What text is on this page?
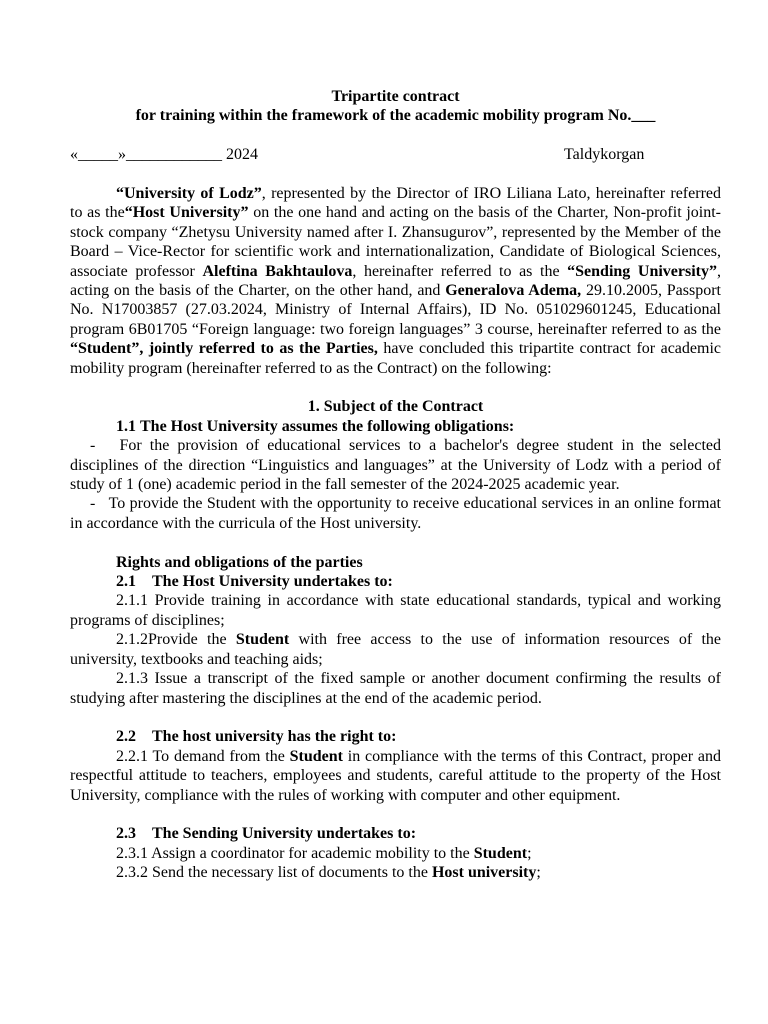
Tripartite contract
for training within the framework of the academic mobility program No.___
«_____»____________ 2024	Taldykorgan

“University of Lodz”, represented by the Director of IRO Liliana Lato, hereinafter referred to as the“Host University” on the one hand and acting on the basis of the Charter, Non-profit joint-stock company “Zhetysu University named after I. Zhansugurov”, represented by the Member of the Board – Vice-Rector for scientific work and internationalization, Candidate of Biological Sciences, associate professor Aleftina Bakhtaulova, hereinafter referred to as the “Sending University”, acting on the basis of the Charter, on the other hand, and Generalova Adema, 29.10.2005, Passport No. N17003857 (27.03.2024, Ministry of Internal Affairs), ID No. 051029601245, Educational program 6B01705 “Foreign language: two foreign languages” 3 course, hereinafter referred to as the “Student”, jointly referred to as the Parties, have concluded this tripartite contract for academic mobility program (hereinafter referred to as the Contract) on the following:

1. Subject of the Contract
1.1 The Host University assumes the following obligations:

- For the provision of educational services to a bachelor's degree student in the selected disciplines of the direction “Linguistics and languages” at the University of Lodz with a period of study of 1 (one) academic period in the fall semester of the 2024-2025 academic year.

- To provide the Student with the opportunity to receive educational services in an online format in accordance with the curricula of the Host university.

Rights and obligations of the parties
2.1 The Host University undertakes to:

2.1.1 Provide training in accordance with state educational standards, typical and working programs of disciplines;

2.1.2Provide the Student with free access to the use of information resources of the university, textbooks and teaching aids;

2.1.3 Issue a transcript of the fixed sample or another document confirming the results of studying after mastering the disciplines at the end of the academic period.

2.2 The host university has the right to:

2.2.1 To demand from the Student in compliance with the terms of this Contract, proper and respectful attitude to teachers, employees and students, careful attitude to the property of the Host University, compliance with the rules of working with computer and other equipment.

2.3 The Sending University undertakes to:

2.3.1 Assign a coordinator for academic mobility to the Student;

2.3.2 Send the necessary list of documents to the Host university;
